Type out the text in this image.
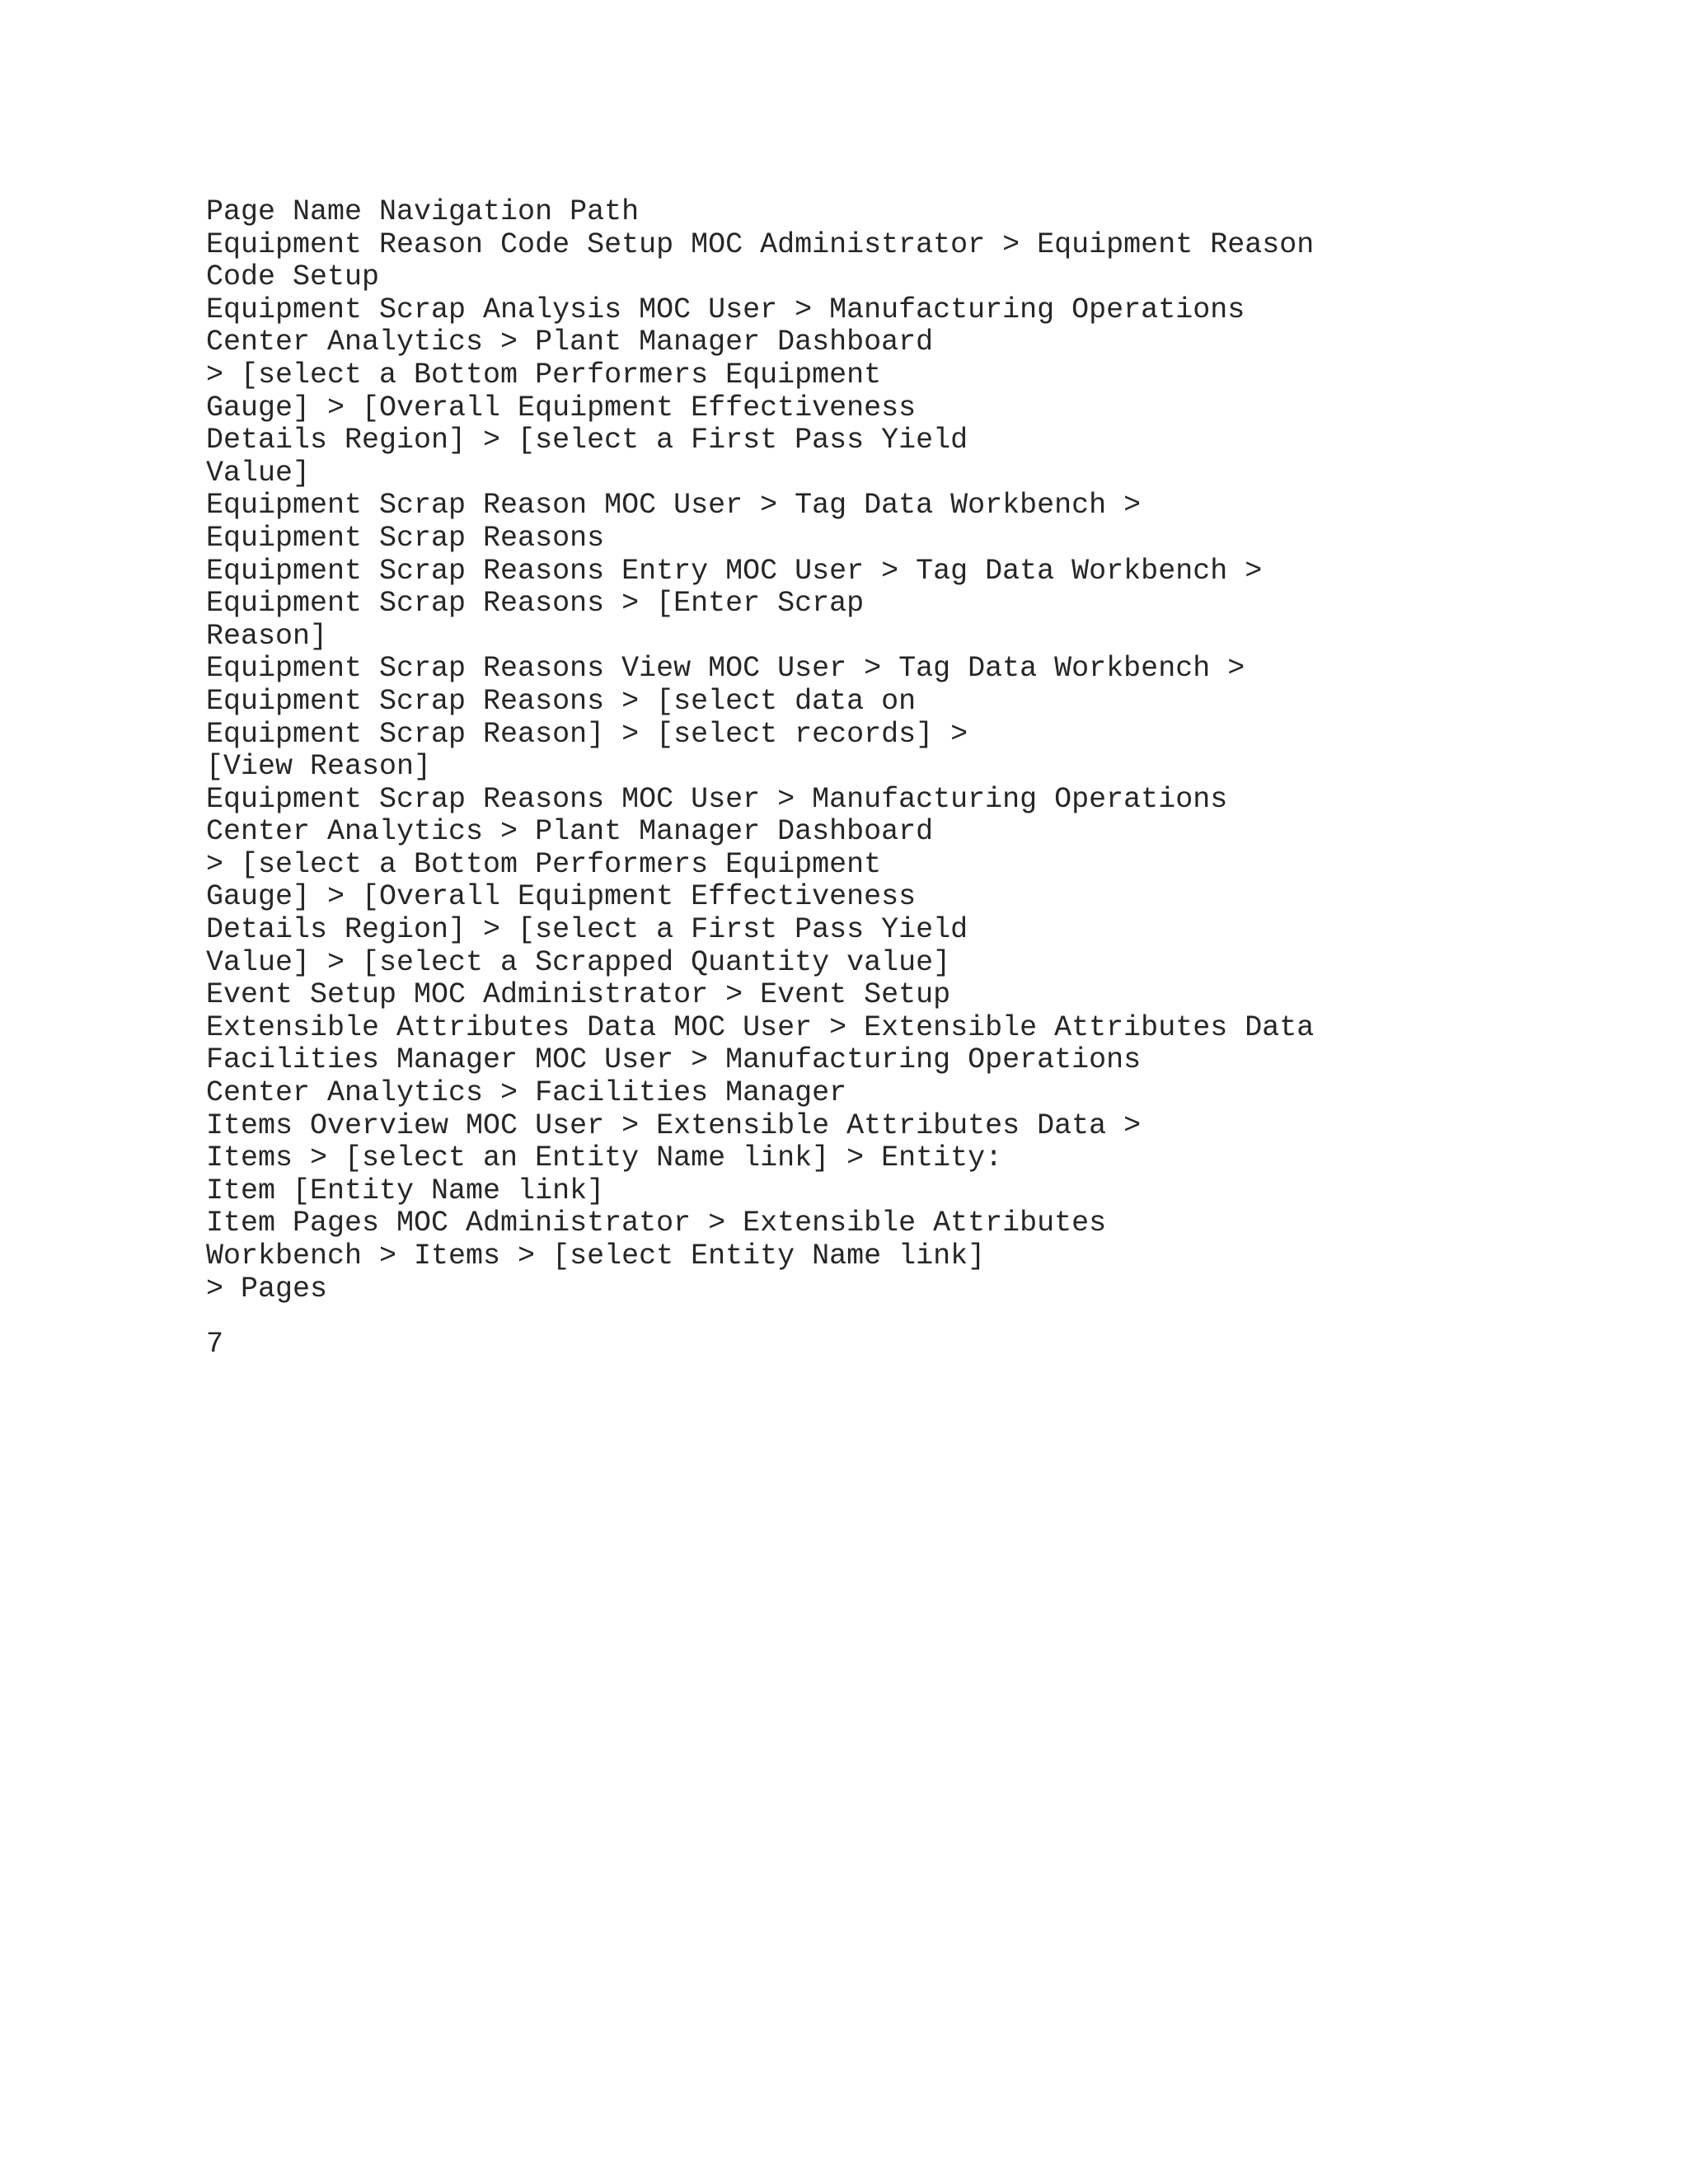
Page Name Navigation Path
Equipment Reason Code Setup MOC Administrator > Equipment Reason
Code Setup
Equipment Scrap Analysis MOC User > Manufacturing Operations
Center Analytics > Plant Manager Dashboard
> [select a Bottom Performers Equipment
Gauge] > [Overall Equipment Effectiveness
Details Region] > [select a First Pass Yield
Value]
Equipment Scrap Reason MOC User > Tag Data Workbench >
Equipment Scrap Reasons
Equipment Scrap Reasons Entry MOC User > Tag Data Workbench >
Equipment Scrap Reasons > [Enter Scrap
Reason]
Equipment Scrap Reasons View MOC User > Tag Data Workbench >
Equipment Scrap Reasons > [select data on
Equipment Scrap Reason] > [select records] >
[View Reason]
Equipment Scrap Reasons MOC User > Manufacturing Operations
Center Analytics > Plant Manager Dashboard
> [select a Bottom Performers Equipment
Gauge] > [Overall Equipment Effectiveness
Details Region] > [select a First Pass Yield
Value] > [select a Scrapped Quantity value]
Event Setup MOC Administrator > Event Setup
Extensible Attributes Data MOC User > Extensible Attributes Data
Facilities Manager MOC User > Manufacturing Operations
Center Analytics > Facilities Manager
Items Overview MOC User > Extensible Attributes Data >
Items > [select an Entity Name link] > Entity:
Item [Entity Name link]
Item Pages MOC Administrator > Extensible Attributes
Workbench > Items > [select Entity Name link]
> Pages
7
